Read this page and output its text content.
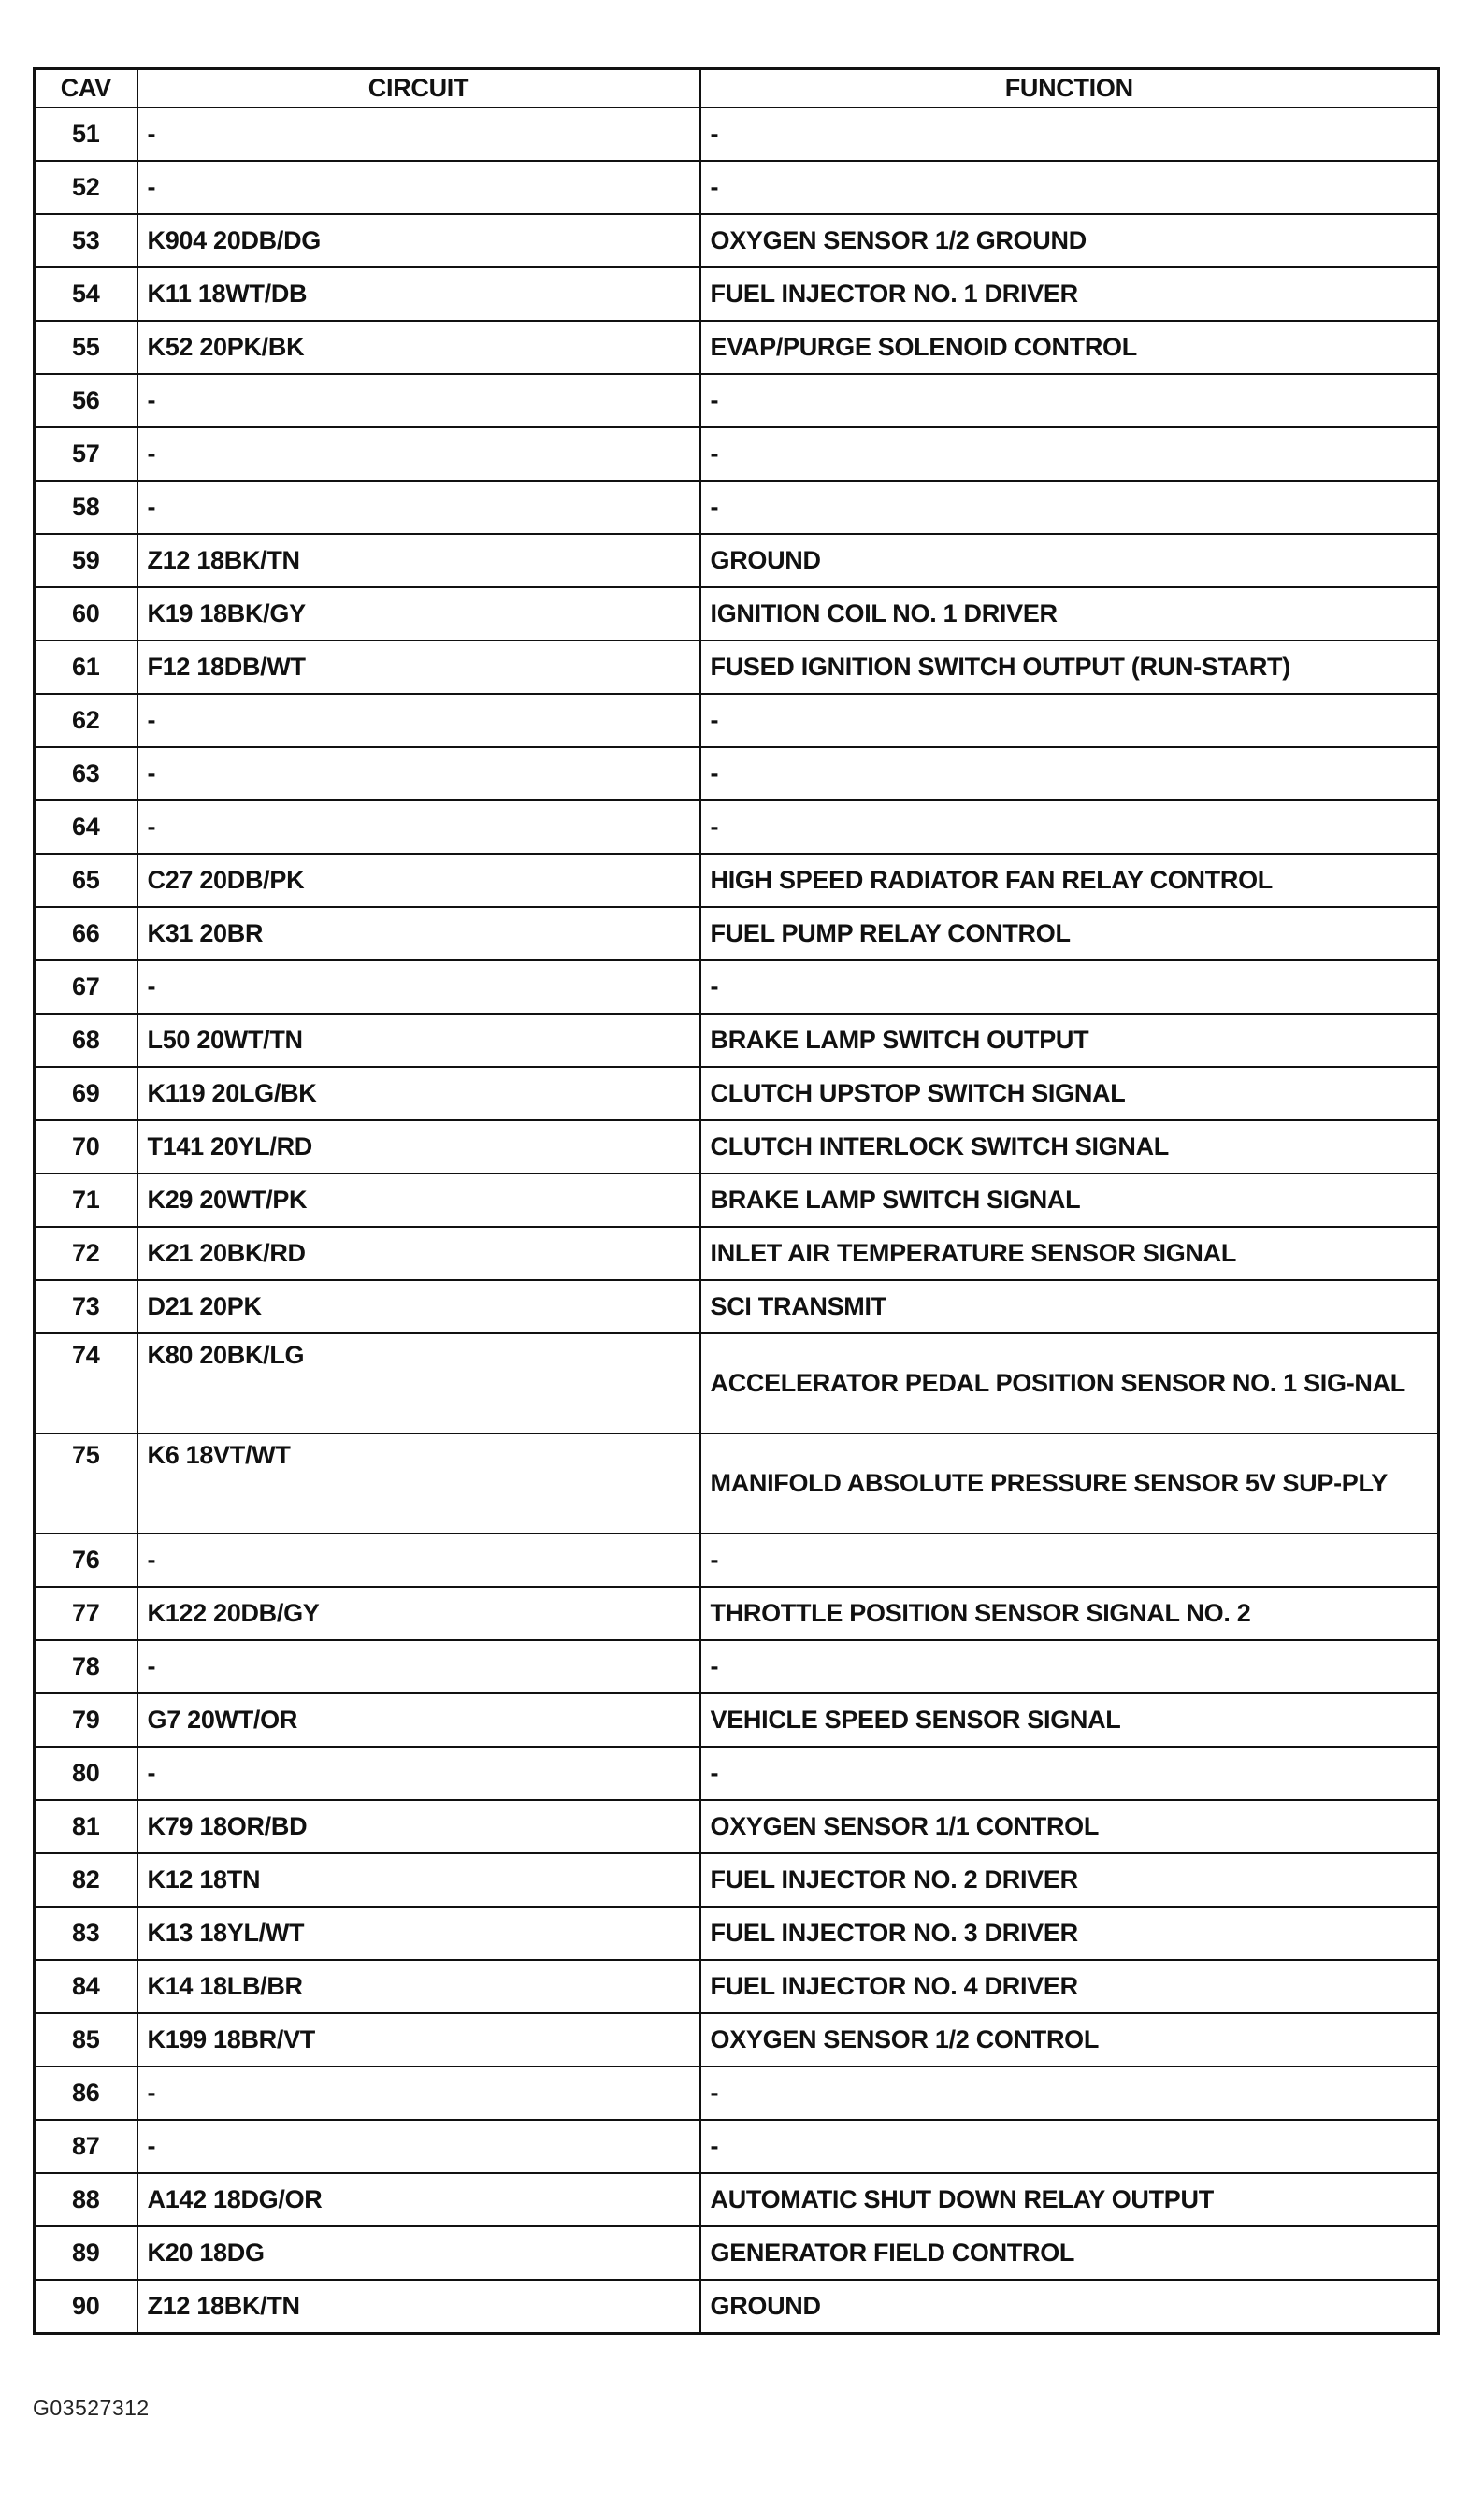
CAV	CIRCUIT	FUNCTION
51	-	-
52	-	-
53	K904 20DB/DG	OXYGEN SENSOR 1/2 GROUND
54	K11 18WT/DB	FUEL INJECTOR NO. 1 DRIVER
55	K52 20PK/BK	EVAP/PURGE SOLENOID CONTROL
56	-	-
57	-	-
58	-	-
59	Z12 18BK/TN	GROUND
60	K19 18BK/GY	IGNITION COIL NO. 1 DRIVER
61	F12 18DB/WT	FUSED IGNITION SWITCH OUTPUT (RUN-START)
62	-	-
63	-	-
64	-	-
65	C27 20DB/PK	HIGH SPEED RADIATOR FAN RELAY CONTROL
66	K31 20BR	FUEL PUMP RELAY CONTROL
67	-	-
68	L50 20WT/TN	BRAKE LAMP SWITCH OUTPUT
69	K119 20LG/BK	CLUTCH UPSTOP SWITCH SIGNAL
70	T141 20YL/RD	CLUTCH INTERLOCK SWITCH SIGNAL
71	K29 20WT/PK	BRAKE LAMP SWITCH SIGNAL
72	K21 20BK/RD	INLET AIR TEMPERATURE SENSOR SIGNAL
73	D21 20PK	SCI TRANSMIT
74	K80 20BK/LG	ACCELERATOR PEDAL POSITION SENSOR NO. 1 SIG-NAL
75	K6 18VT/WT	MANIFOLD ABSOLUTE PRESSURE SENSOR 5V SUP-PLY
76	-	-
77	K122 20DB/GY	THROTTLE POSITION SENSOR SIGNAL NO. 2
78	-	-
79	G7 20WT/OR	VEHICLE SPEED SENSOR SIGNAL
80	-	-
81	K79 18OR/BD	OXYGEN SENSOR 1/1 CONTROL
82	K12 18TN	FUEL INJECTOR NO. 2 DRIVER
83	K13 18YL/WT	FUEL INJECTOR NO. 3 DRIVER
84	K14 18LB/BR	FUEL INJECTOR NO. 4 DRIVER
85	K199 18BR/VT	OXYGEN SENSOR 1/2 CONTROL
86	-	-
87	-	-
88	A142 18DG/OR	AUTOMATIC SHUT DOWN RELAY OUTPUT
89	K20 18DG	GENERATOR FIELD CONTROL
90	Z12 18BK/TN	GROUND
G03527312
